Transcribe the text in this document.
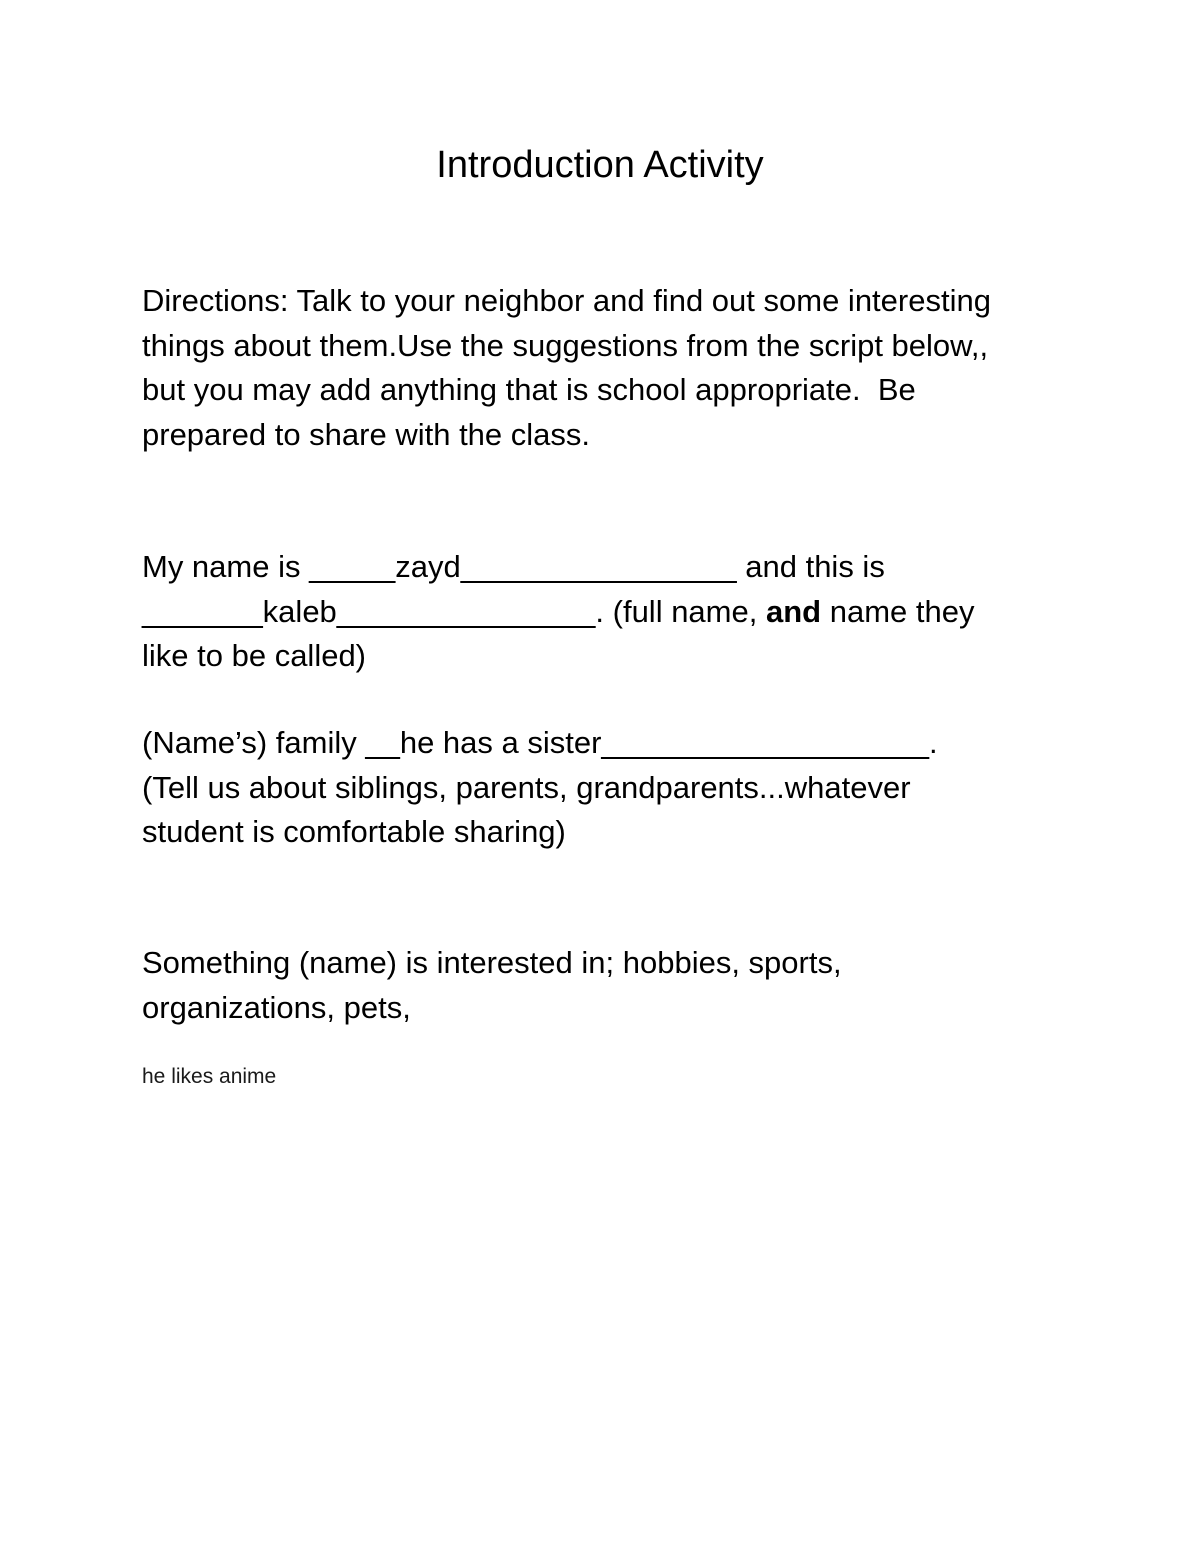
Introduction Activity

Directions: Talk to your neighbor and find out some interesting
things about them.Use the suggestions from the script below,,
but you may add anything that is school appropriate.  Be
prepared to share with the class.

My name is _____zayd________________ and this is
_______kaleb_______________. (full name, and name they
like to be called)

(Name’s) family __he has a sister___________________.
(Tell us about siblings, parents, grandparents...whatever
student is comfortable sharing)

Something (name) is interested in; hobbies, sports,
organizations, pets,

he likes anime
